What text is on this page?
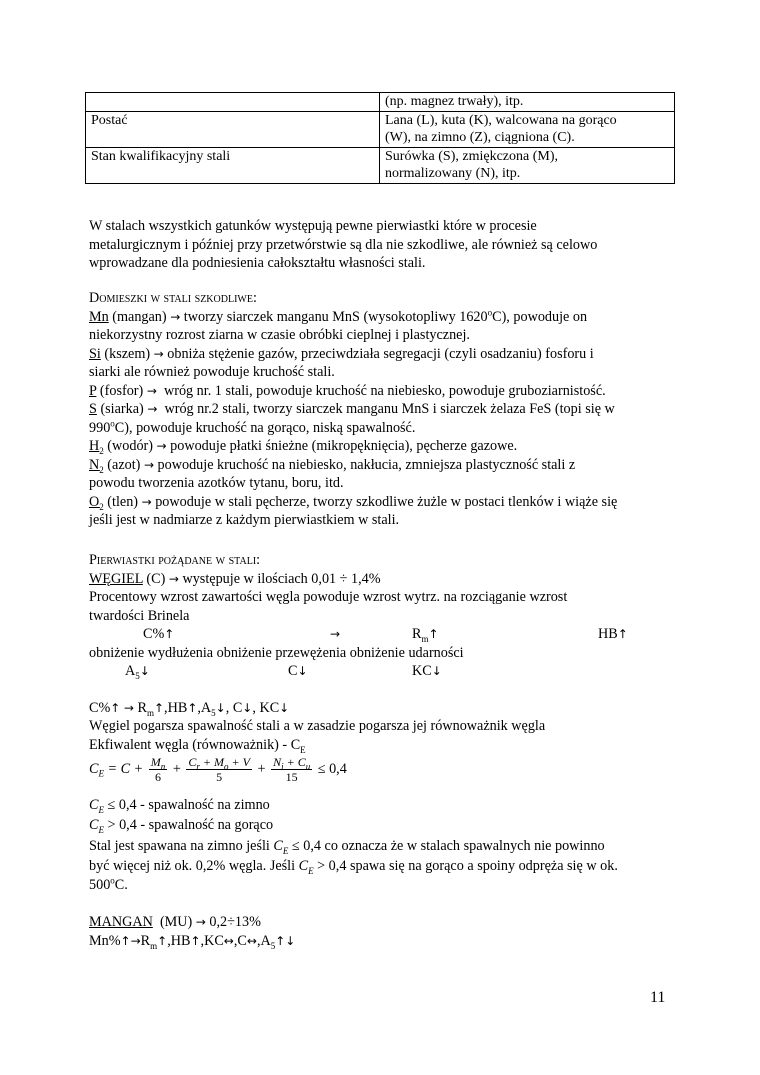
	(np. magnez trwały), itp.
Postać	Lana (L), kuta (K), walcowana na gorąco
(W), na zimno (Z), ciągniona (C).
Stan kwalifikacyjny stali	Surówka (S), zmiękczona (M),
normalizowany (N), itp.
W stalach wszystkich gatunków występują pewne pierwiastki które w procesie
metalurgicznym i później przy przetwórstwie są dla nie szkodliwe, ale również są celowo
wprowadzane dla podniesienia całokształtu własności stali.
Domieszki w stali szkodliwe:
Mn (mangan) → tworzy siarczek manganu MnS (wysokotopliwy 1620$^o$C), powoduje on
niekorzystny rozrost ziarna w czasie obróbki cieplnej i plastycznej.
Si (kszem) → obniża stężenie gazów, przeciwdziała segregacji (czyli osadzaniu) fosforu i
siarki ale również powoduje kruchość stali.
P (fosfor) → wróg nr. 1 stali, powoduje kruchość na niebiesko, powoduje gruboziarnistość.
S (siarka) → wróg nr.2 stali, tworzy siarczek manganu MnS i siarczek żelaza FeS (topi się w
990$^o$C), powoduje kruchość na gorąco, niską spawalność.
$H_2$ (wodór) → powoduje płatki śnieżne (mikropęknięcia), pęcherze gazowe.
$N_2$ (azot) → powoduje kruchość na niebiesko, nakłucia, zmniejsza plastyczność stali z
powodu tworzenia azotków tytanu, boru, itd.
$O_2$ (tlen) → powoduje w stali pęcherze, tworzy szkodliwe żużle w postaci tlenków i wiąże się
jeśli jest w nadmiarze z każdym pierwiastkiem w stali.
Pierwiastki pożądane w stali:
WĘGIEL (C) → występuje w ilościach 0,01 ÷ 1,4%
Procentowy wzrost zawartości węgla powoduje wzrost wytrz. na rozciąganie wzrost
twardości Brinela
C%↑	→	$R_m↑$	HB↑
obniżenie wydłużenia obniżenie przewężenia obniżenie udarności
$A_5↓$	C↓	KC↓
C%↑ → $R_m↑,HB↑,A_5↓$, C↓, KC↓
Węgiel pogarsza spawalność stali a w zasadzie pogarsza jej równoważnik węgla
Ekfiwalent węgla (równoważnik) - $C_E$
$C_E = C + \frac{M_n}{6} + \frac{C_r + M_o + V}{5} + \frac{N_i + C_u}{15} \le 0,4$
$C_E \le 0,4$ - spawalność na zimno
$C_E > 0,4$ - spawalność na gorąco
Stal jest spawana na zimno jeśli $C_E \le 0,4$ co oznacza że w stalach spawalnych nie powinno
być więcej niż ok. 0,2% węgla. Jeśli $C_E > 0,4$ spawa się na gorąco a spoiny odpręża się w ok.
500$^o$C.
MANGAN (MU) → 0,2÷13%
$Mn\%↑\to R_m↑,HB↑,KC\leftrightarrow,C\leftrightarrow,A_5↑↓$
11
